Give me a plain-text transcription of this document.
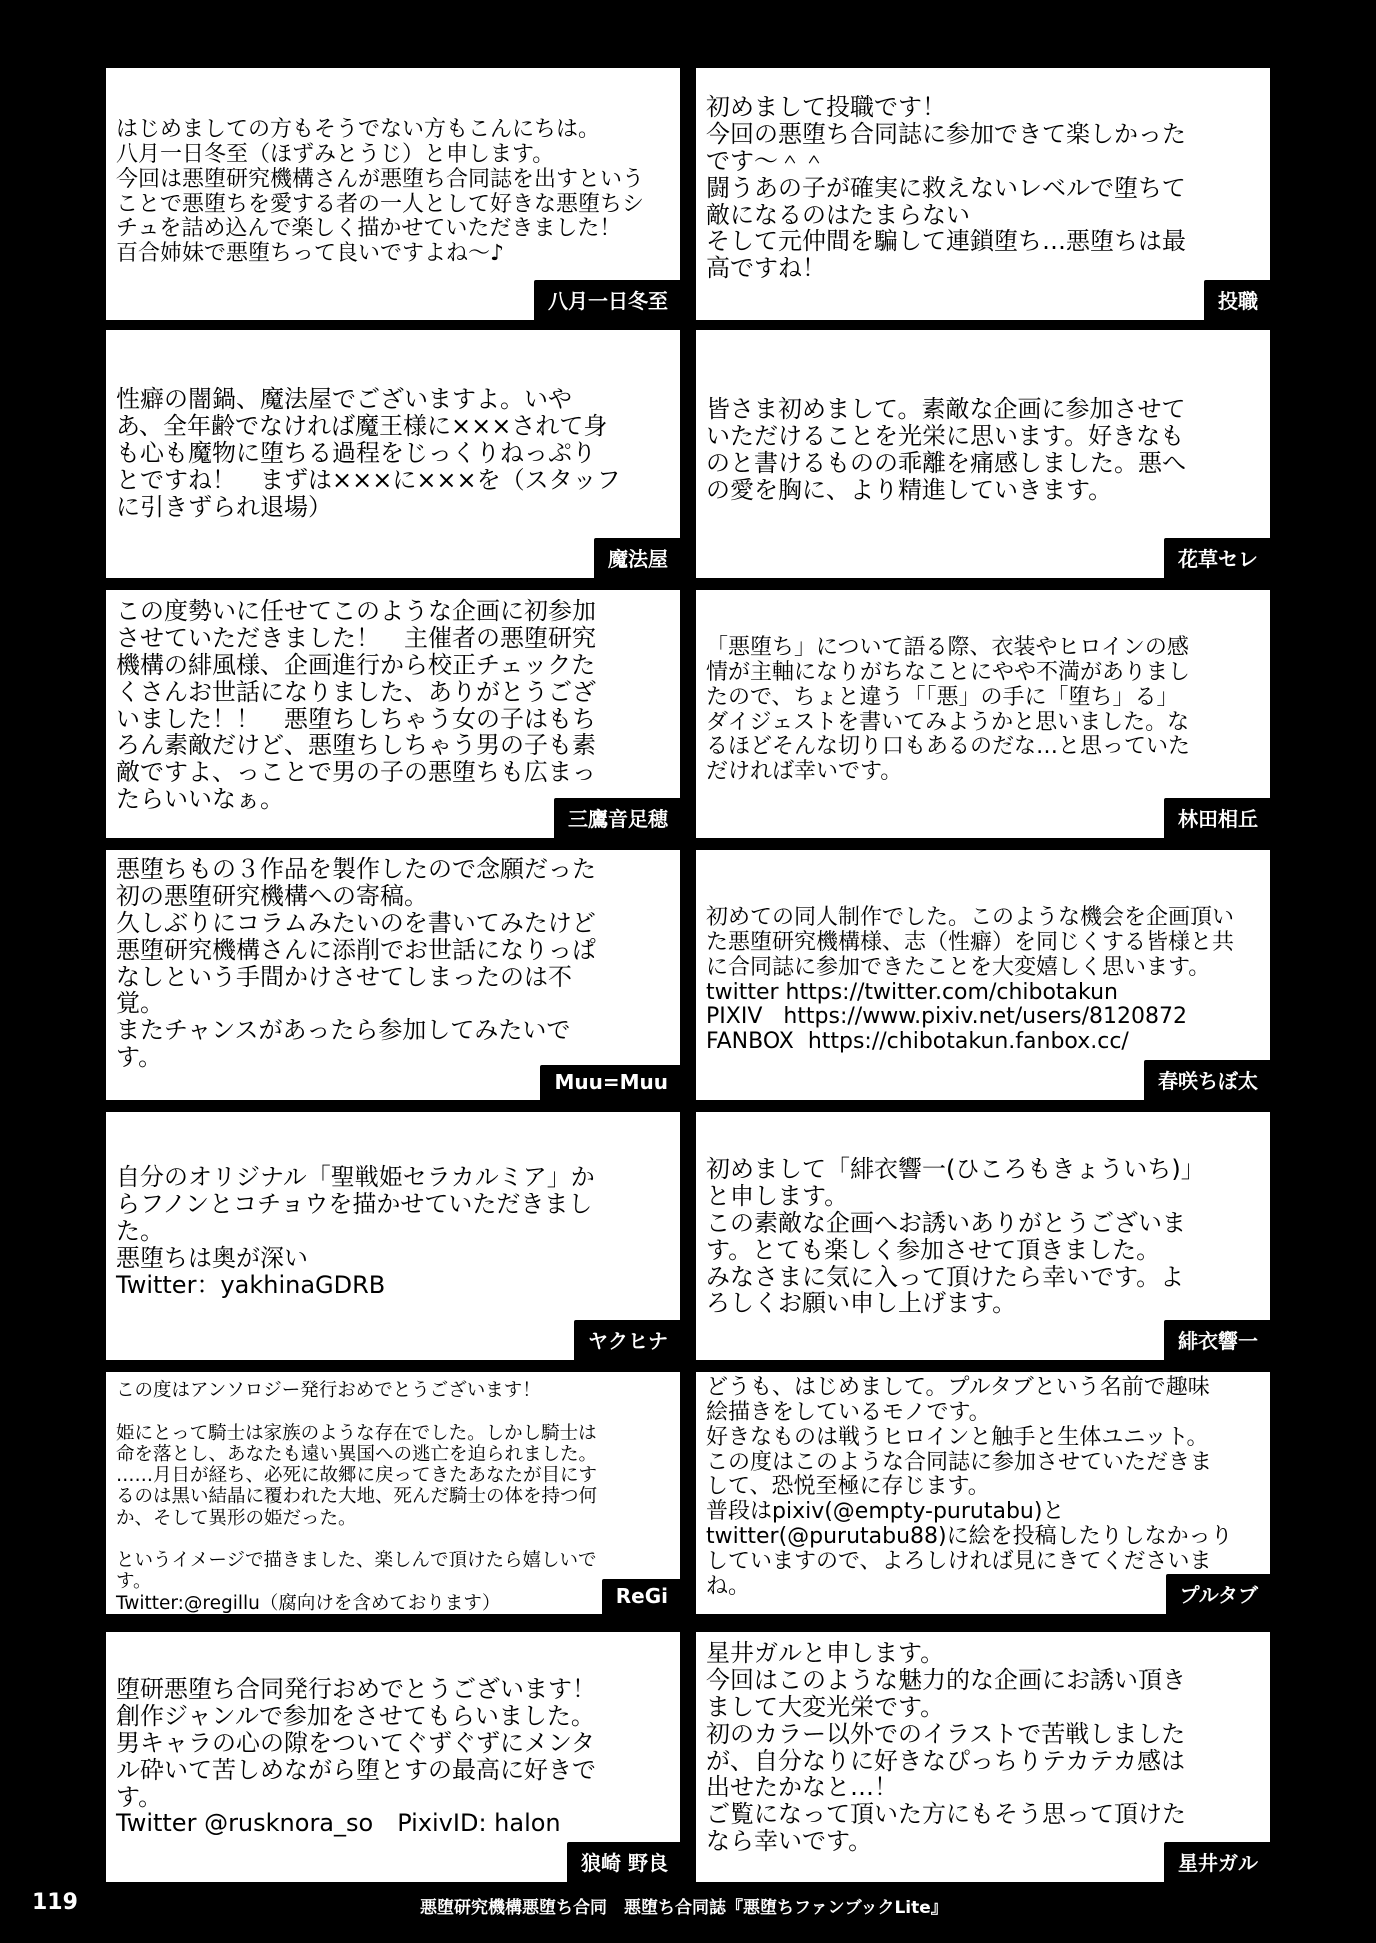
はじめましての方もそうでない方もこんにちは。
八月一日冬至（ほずみとうじ）と申します。
今回は悪堕研究機構さんが悪堕ち合同誌を出すという
ことで悪堕ちを愛する者の一人として好きな悪堕ちシ
チュを詰め込んで楽しく描かせていただきました！
百合姉妹で悪堕ちって良いですよね～♪
八月一日冬至
初めまして投職です！
今回の悪堕ち合同誌に参加できて楽しかった
です～＾＾
闘うあの子が確実に救えないレベルで堕ちて
敵になるのはたまらない
そして元仲間を騙して連鎖堕ち…悪堕ちは最
高ですね！
投職
性癖の闇鍋、魔法屋でございますよ。いや
あ、全年齢でなければ魔王様に×××されて身
も心も魔物に堕ちる過程をじっくりねっぷり
とですね！　まずは×××に×××を（スタッフ
に引きずられ退場）
魔法屋
皆さま初めまして。素敵な企画に参加させて
いただけることを光栄に思います。好きなも
のと書けるものの乖離を痛感しました。悪へ
の愛を胸に、より精進していきます。
花草セレ
この度勢いに任せてこのような企画に初参加
させていただきました！　主催者の悪堕研究
機構の緋風様、企画進行から校正チェックた
くさんお世話になりました、ありがとうござ
いました！！　悪堕ちしちゃう女の子はもち
ろん素敵だけど、悪堕ちしちゃう男の子も素
敵ですよ、っことで男の子の悪堕ちも広まっ
たらいいなぁ。
三鷹音足穂
「悪堕ち」について語る際、衣装やヒロインの感
情が主軸になりがちなことにやや不満がありまし
たので、ちょと違う「「悪」の手に「堕ち」る」
ダイジェストを書いてみようかと思いました。な
るほどそんな切り口もあるのだな…と思っていた
だければ幸いです。
林田相丘
悪堕ちもの３作品を製作したので念願だった
初の悪堕研究機構への寄稿。
久しぶりにコラムみたいのを書いてみたけど
悪堕研究機構さんに添削でお世話になりっぱ
なしという手間かけさせてしまったのは不
覚。
またチャンスがあったら参加してみたいで
す。
Muu=Muu
初めての同人制作でした。このような機会を企画頂い
た悪堕研究機構様、志（性癖）を同じくする皆様と共
に合同誌に参加できたことを大変嬉しく思います。
twitter https://twitter.com/chibotakun
PIXIV   https://www.pixiv.net/users/8120872
FANBOX  https://chibotakun.fanbox.cc/
春咲ちぼ太
自分のオリジナル「聖戦姫セラカルミア」か
らフノンとコチョウを描かせていただきまし
た。
悪堕ちは奥が深い
Twitter：yakhinaGDRB
ヤクヒナ
初めまして「緋衣響一(ひころもきょういち)」
と申します。
この素敵な企画へお誘いありがとうございま
す。とても楽しく参加させて頂きました。
みなさまに気に入って頂けたら幸いです。よ
ろしくお願い申し上げます。
緋衣響一
この度はアンソロジー発行おめでとうございます！

姫にとって騎士は家族のような存在でした。しかし騎士は
命を落とし、あなたも遠い異国への逃亡を迫られました。
……月日が経ち、必死に故郷に戻ってきたあなたが目にす
るのは黒い結晶に覆われた大地、死んだ騎士の体を持つ何
か、そして異形の姫だった。

というイメージで描きました、楽しんで頂けたら嬉しいで
す。
Twitter:@regillu（腐向けを含めております）	ReGi
どうも、はじめまして。プルタブという名前で趣味
絵描きをしているモノです。
好きなものは戦うヒロインと触手と生体ユニット。
この度はこのような合同誌に参加させていただきま
して、恐悦至極に存じます。
普段はpixiv(@empty-purutabu)と
twitter(@purutabu88)に絵を投稿したりしなかっり
していますので、よろしければ見にきてくださいま
ね。	プルタブ
堕研悪堕ち合同発行おめでとうございます！
創作ジャンルで参加をさせてもらいました。
男キャラの心の隙をついてぐずぐずにメンタ
ル砕いて苦しめながら堕とすの最高に好きで
す。
Twitter @rusknora_so　PixivID: halon
狼崎 野良
星井ガルと申します。
今回はこのような魅力的な企画にお誘い頂き
まして大変光栄です。
初のカラー以外でのイラストで苦戦しました
が、自分なりに好きなぴっちりテカテカ感は
出せたかなと…！
ご覧になって頂いた方にもそう思って頂けた
なら幸いです。
星井ガル
119	悪堕研究機構悪堕ち合同　悪堕ち合同誌『悪堕ちファンブックLite』
